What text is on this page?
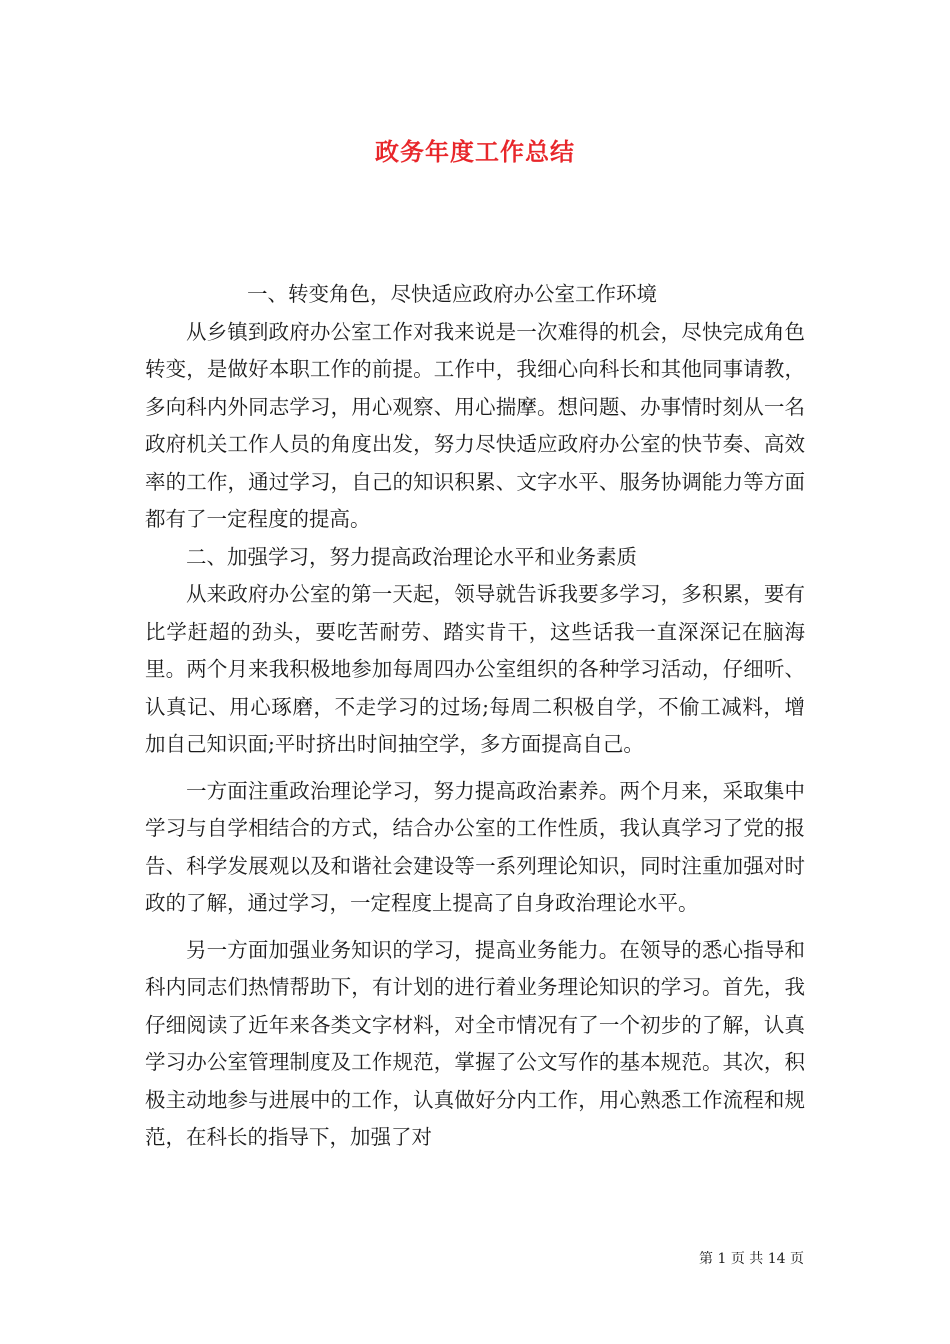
政务年度工作总结

一、转变角色，尽快适应政府办公室工作环境

从乡镇到政府办公室工作对我来说是一次难得的机会，尽快完成角色转变，是做好本职工作的前提。工作中，我细心向科长和其他同事请教，多向科内外同志学习，用心观察、用心揣摩。想问题、办事情时刻从一名政府机关工作人员的角度出发，努力尽快适应政府办公室的快节奏、高效率的工作，通过学习，自己的知识积累、文字水平、服务协调能力等方面都有了一定程度的提高。

二、加强学习，努力提高政治理论水平和业务素质

从来政府办公室的第一天起，领导就告诉我要多学习，多积累，要有比学赶超的劲头，要吃苦耐劳、踏实肯干，这些话我一直深深记在脑海里。两个月来我积极地参加每周四办公室组织的各种学习活动，仔细听、认真记、用心琢磨，不走学习的过场;每周二积极自学，不偷工减料，增加自己知识面;平时挤出时间抽空学，多方面提高自己。

一方面注重政治理论学习，努力提高政治素养。两个月来，采取集中学习与自学相结合的方式，结合办公室的工作性质，我认真学习了党的报告、科学发展观以及和谐社会建设等一系列理论知识，同时注重加强对时政的了解，通过学习，一定程度上提高了自身政治理论水平。

另一方面加强业务知识的学习，提高业务能力。在领导的悉心指导和科内同志们热情帮助下，有计划的进行着业务理论知识的学习。首先，我仔细阅读了近年来各类文字材料，对全市情况有了一个初步的了解，认真学习办公室管理制度及工作规范，掌握了公文写作的基本规范。其次，积极主动地参与进展中的工作，认真做好分内工作，用心熟悉工作流程和规范，在科长的指导下，加强了对

第 1 页 共 14 页
